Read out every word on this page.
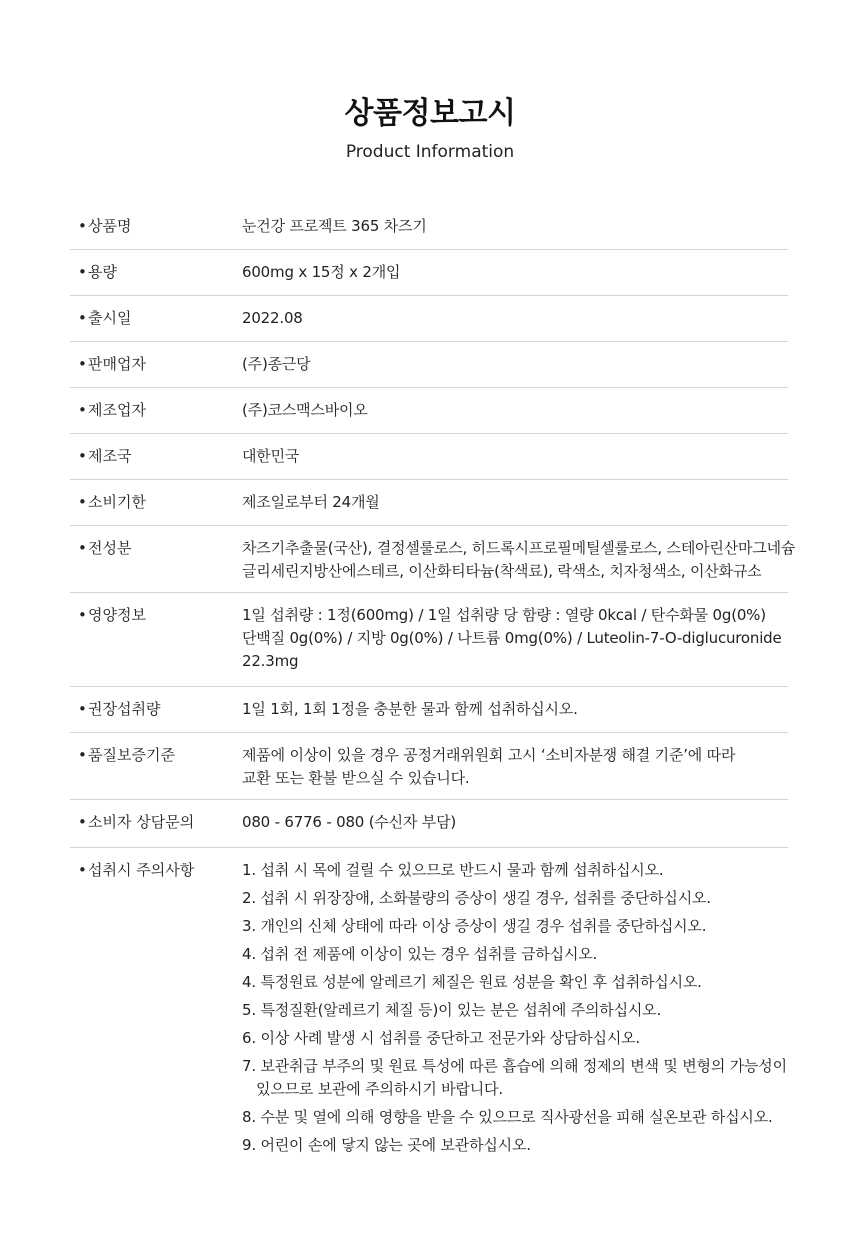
상품정보고시
Product Information
•상품명	눈건강 프로젝트 365 차즈기
•용량	600mg x 15정 x 2개입
•출시일	2022.08
•판매업자	(주)종근당
•제조업자	(주)코스맥스바이오
•제조국	대한민국
•소비기한	제조일로부터 24개월
•전성분	차즈기추출물(국산), 결정셀룰로스, 히드록시프로필메틸셀룰로스, 스테아린산마그네슘
글리세린지방산에스테르, 이산화티타늄(착색료), 락색소, 치자청색소, 이산화규소
•영양정보	1일 섭취량 : 1정(600mg) / 1일 섭취량 당 함량 : 열량 0kcal / 탄수화물 0g(0%)
단백질 0g(0%) / 지방 0g(0%) / 나트륨 0mg(0%) / Luteolin-7-O-diglucuronide
22.3mg
•권장섭취량	1일 1회, 1회 1정을 충분한 물과 함께 섭취하십시오.
•품질보증기준	제품에 이상이 있을 경우 공정거래위원회 고시 ‘소비자분쟁 해결 기준’에 따라
교환 또는 환불 받으실 수 있습니다.
•소비자 상담문의	080 - 6776 - 080 (수신자 부담)
•섭취시 주의사항	1. 섭취 시 목에 걸릴 수 있으므로 반드시 물과 함께 섭취하십시오.
2. 섭취 시 위장장애, 소화불량의 증상이 생길 경우, 섭취를 중단하십시오.
3. 개인의 신체 상태에 따라 이상 증상이 생길 경우 섭취를 중단하십시오.
4. 섭취 전 제품에 이상이 있는 경우 섭취를 금하십시오.
4. 특정원료 성분에 알레르기 체질은 원료 성분을 확인 후 섭취하십시오.
5. 특정질환(알레르기 체질 등)이 있는 분은 섭취에 주의하십시오.
6. 이상 사례 발생 시 섭취를 중단하고 전문가와 상담하십시오.
7. 보관취급 부주의 및 원료 특성에 따른 흡습에 의해 정제의 변색 및 변형의 가능성이
있으므로 보관에 주의하시기 바랍니다.
8. 수분 및 열에 의해 영향을 받을 수 있으므로 직사광선을 피해 실온보관 하십시오.
9. 어린이 손에 닿지 않는 곳에 보관하십시오.
